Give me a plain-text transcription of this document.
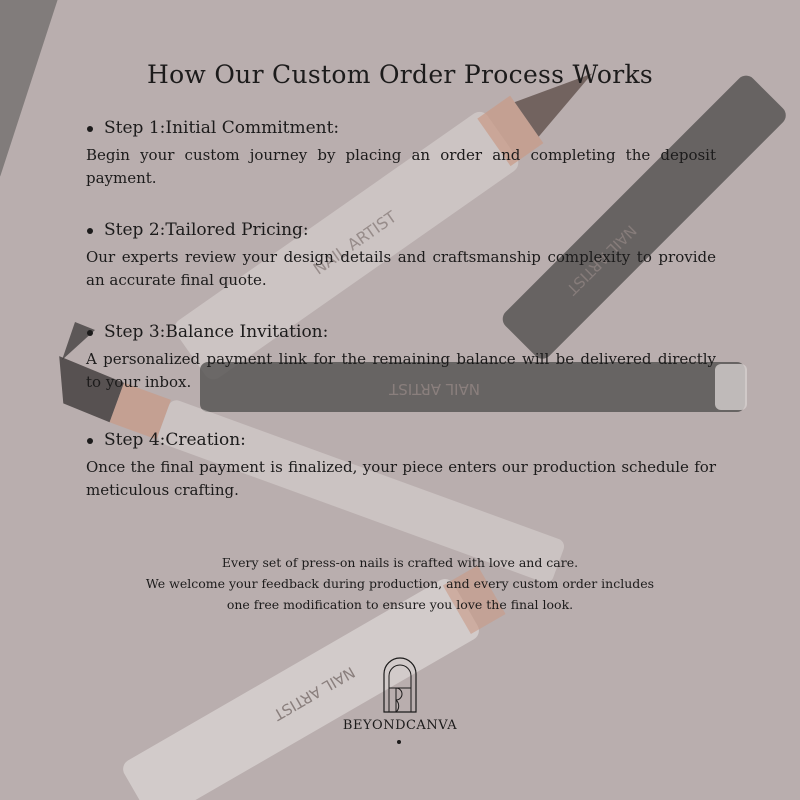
NAIL ARTIST	NAIL ARTIST
NAIL ARTIST
NAIL ARTIST
How Our Custom Order Process Works
Step 1:Initial Commitment:
Begin your custom journey by placing an order and completing the deposit payment.
Step 2:Tailored Pricing:
Our experts review your design details and craftsmanship complexity to provide an accurate final quote.
Step 3:Balance Invitation:
A personalized payment link for the remaining balance will be delivered directly to your inbox.
Step 4:Creation:
Once the final payment is finalized, your piece enters our production schedule for meticulous crafting.
Every set of press-on nails is crafted with love and care.
We welcome your feedback during production, and every custom order includes
one free modification to ensure you love the final look.
BEYONDCANVA
